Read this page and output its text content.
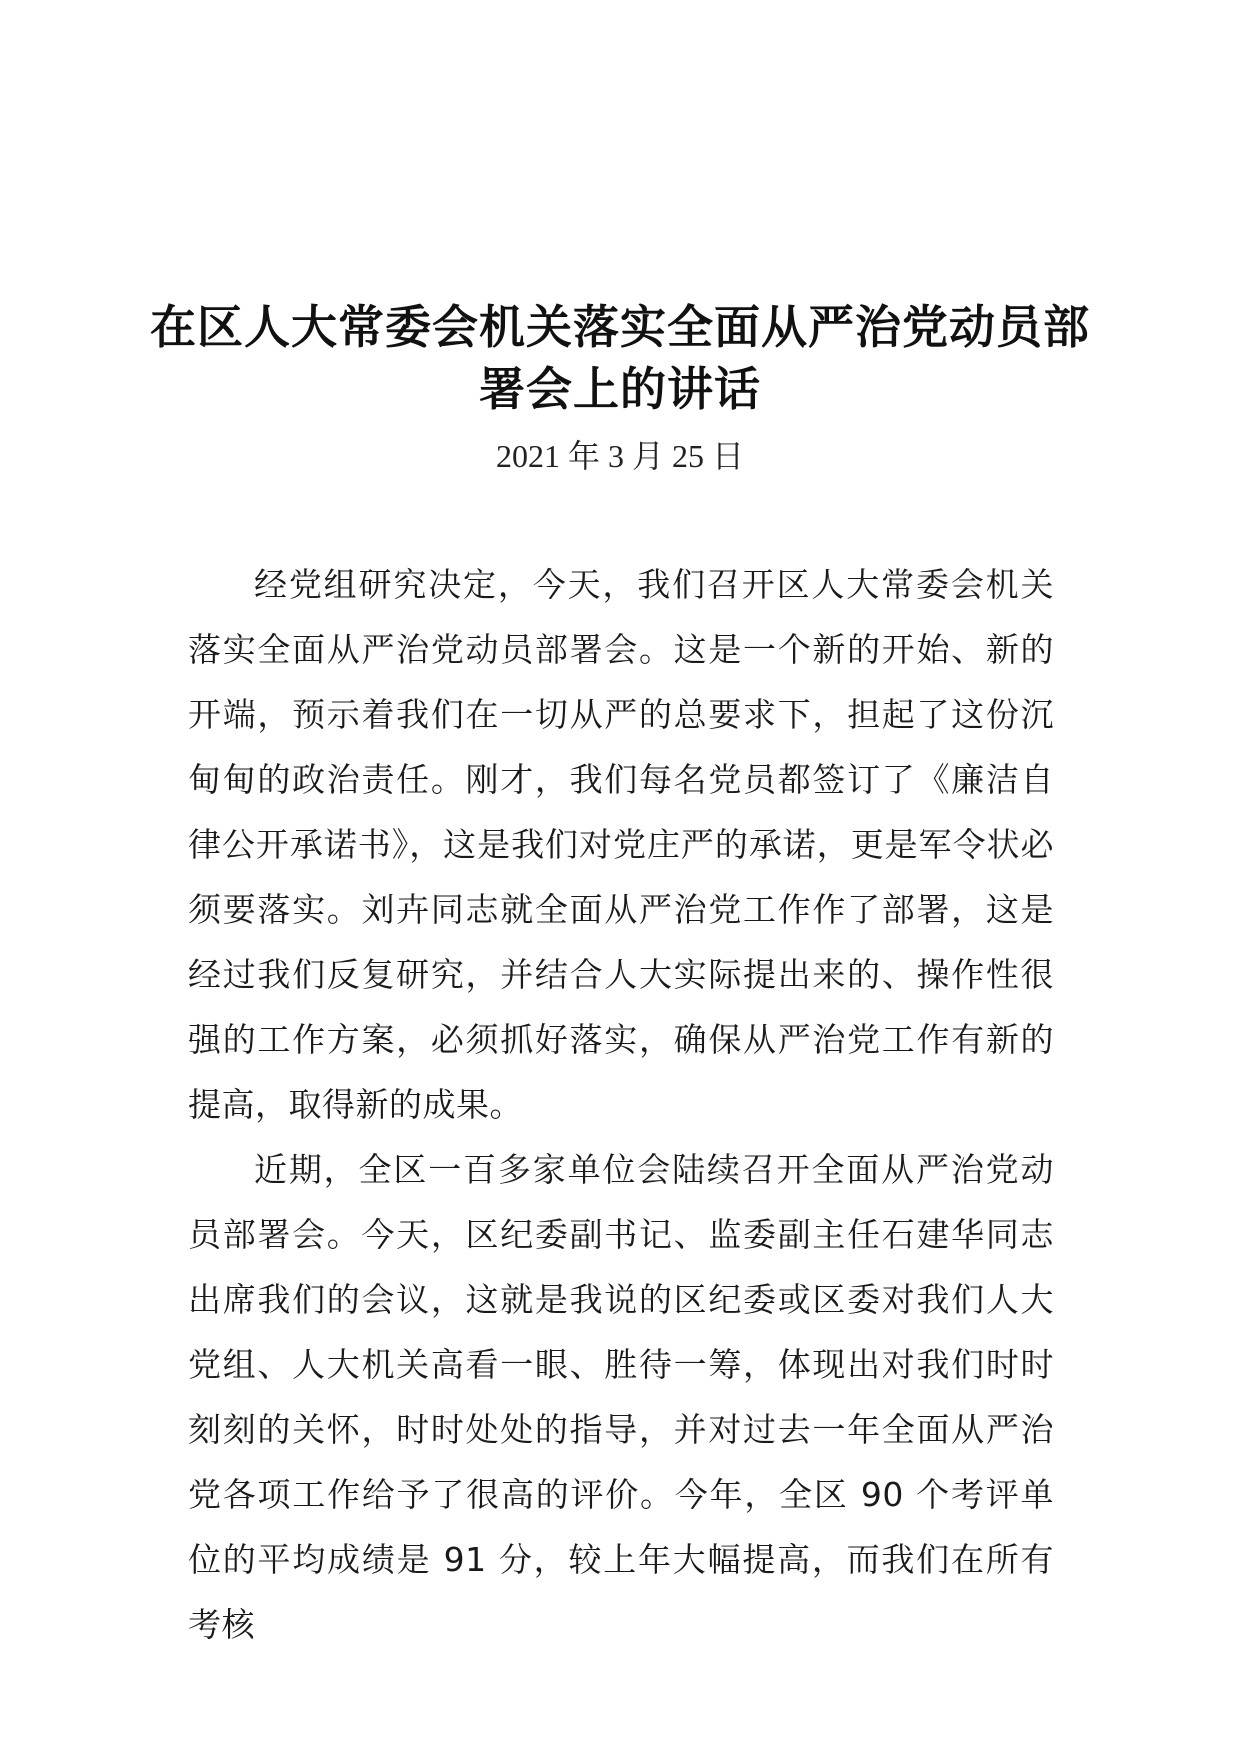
在区人大常委会机关落实全面从严治党动员部署会上的讲话
2021 年 3 月 25 日

经党组研究决定，今天，我们召开区人大常委会机关落实全面从严治党动员部署会。这是一个新的开始、新的开端，预示着我们在一切从严的总要求下，担起了这份沉甸甸的政治责任。刚才，我们每名党员都签订了《廉洁自律公开承诺书》，这是我们对党庄严的承诺，更是军令状必须要落实。刘卉同志就全面从严治党工作作了部署，这是经过我们反复研究，并结合人大实际提出来的、操作性很强的工作方案，必须抓好落实，确保从严治党工作有新的提高，取得新的成果。

近期，全区一百多家单位会陆续召开全面从严治党动员部署会。今天，区纪委副书记、监委副主任石建华同志出席我们的会议，这就是我说的区纪委或区委对我们人大党组、人大机关高看一眼、胜待一筹，体现出对我们时时刻刻的关怀，时时处处的指导，并对过去一年全面从严治党各项工作给予了很高的评价。今年，全区 90 个考评单位的平均成绩是 91 分，较上年大幅提高，而我们在所有考核
